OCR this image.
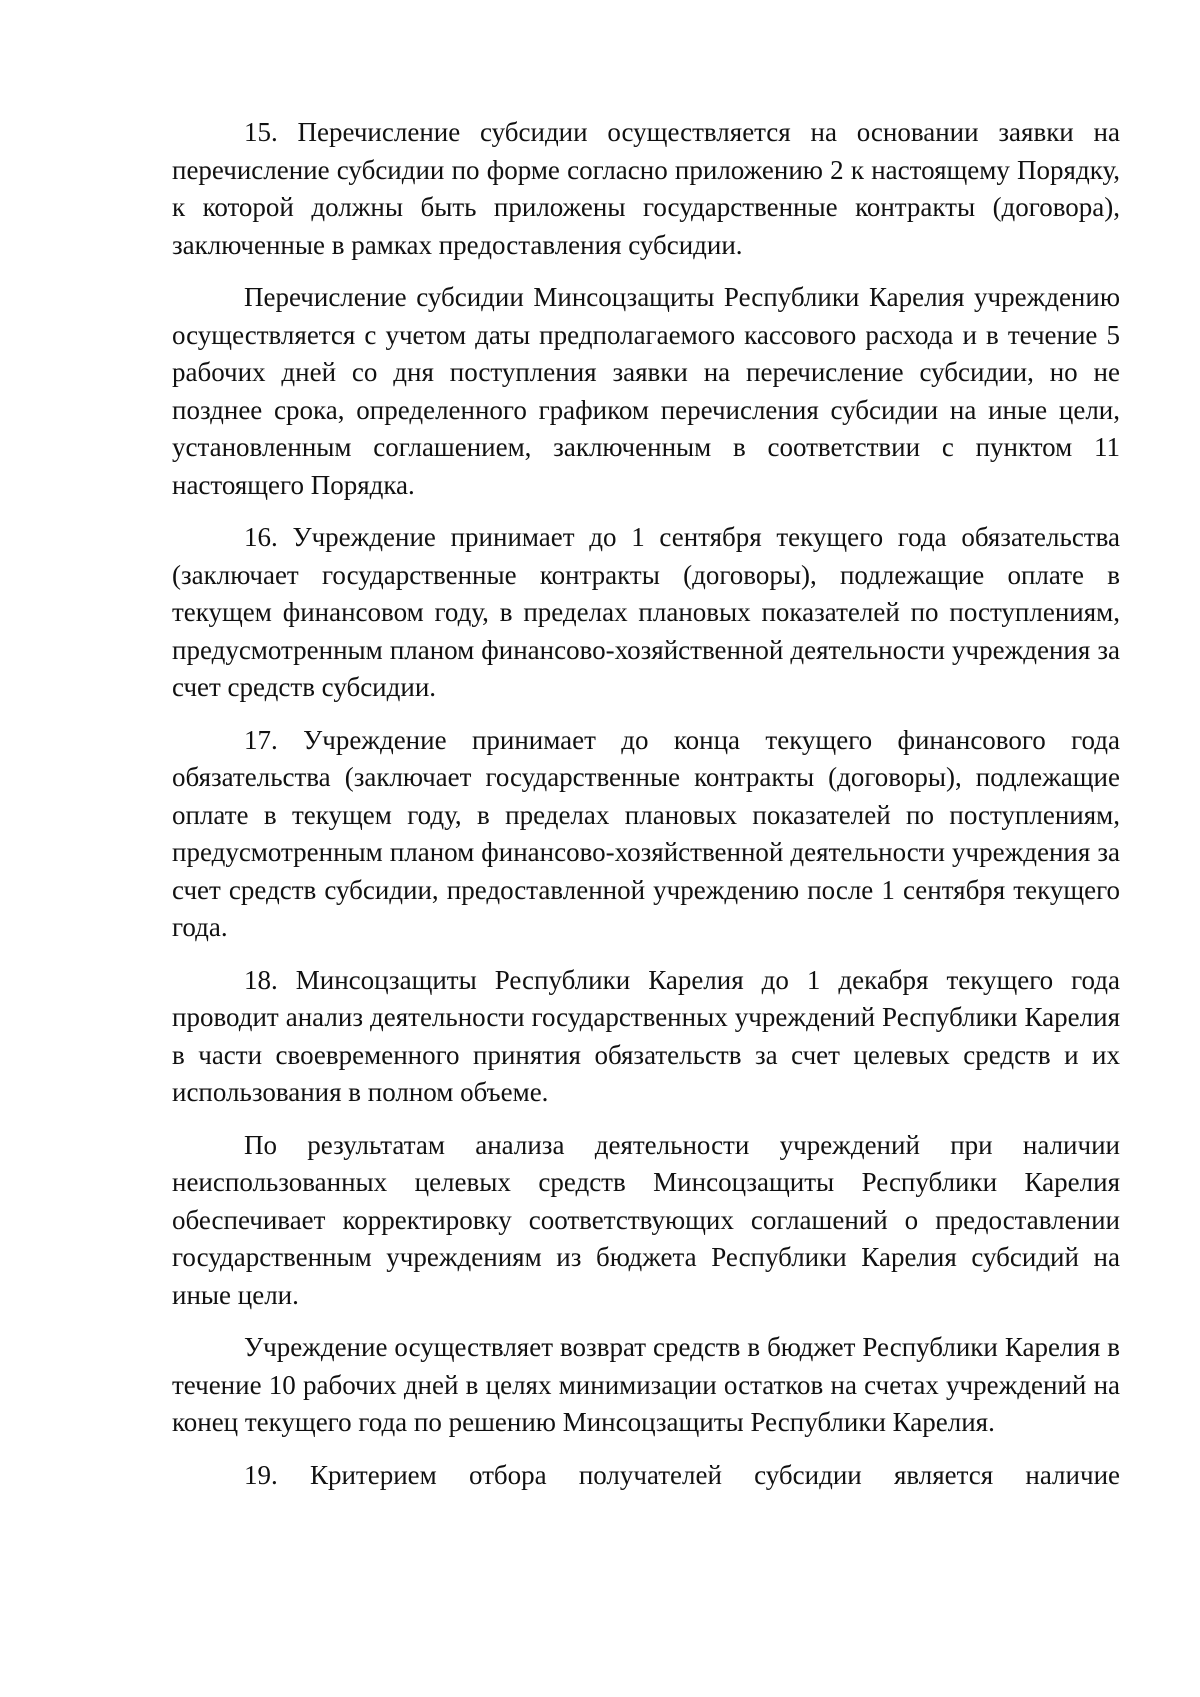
15. Перечисление субсидии осуществляется на основании заявки на перечисление субсидии по форме согласно приложению 2 к настоящему Порядку, к которой должны быть приложены государственные контракты (договора), заключенные в рамках предоставления субсидии.

Перечисление субсидии Минсоцзащиты Республики Карелия учреждению осуществляется с учетом даты предполагаемого кассового расхода и в течение 5 рабочих дней со дня поступления заявки на перечисление субсидии, но не позднее срока, определенного графиком перечисления субсидии на иные цели, установленным соглашением, заключенным в соответствии с пунктом 11 настоящего Порядка.

16. Учреждение принимает до 1 сентября текущего года обязательства (заключает государственные контракты (договоры), подлежащие оплате в текущем финансовом году, в пределах плановых показателей по поступлениям, предусмотренным планом финансово-хозяйственной деятельности учреждения за счет средств субсидии.

17. Учреждение принимает до конца текущего финансового года обязательства (заключает государственные контракты (договоры), подлежащие оплате в текущем году, в пределах плановых показателей по поступлениям, предусмотренным планом финансово-хозяйственной деятельности учреждения за счет средств субсидии, предоставленной учреждению после 1 сентября текущего года.

18. Минсоцзащиты Республики Карелия до 1 декабря текущего года проводит анализ деятельности государственных учреждений Республики Карелия в части своевременного принятия обязательств за счет целевых средств и их использования в полном объеме.

По результатам анализа деятельности учреждений при наличии неиспользованных целевых средств Минсоцзащиты Республики Карелия обеспечивает корректировку соответствующих соглашений о предоставлении государственным учреждениям из бюджета Республики Карелия субсидий на иные цели.

Учреждение осуществляет возврат средств в бюджет Республики Карелия в течение 10 рабочих дней в целях минимизации остатков на счетах учреждений на конец текущего года по решению Минсоцзащиты Республики Карелия.

19. Критерием отбора получателей субсидии является наличие
